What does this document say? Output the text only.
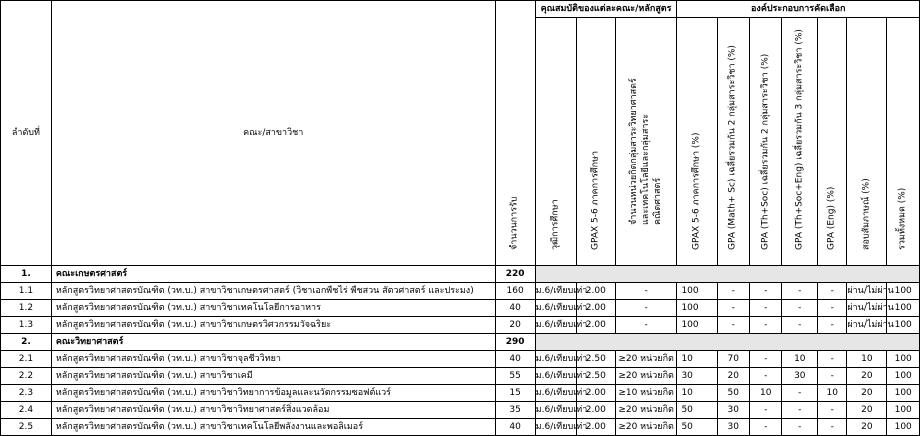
ลำดับที่	คณะ/สาขาวิชา	จำนวนการรับ	คุณสมบัติของแต่ละคณะ/หลักสูตร			องค์ประกอบการคัดเลือก						

			วุฒิการศึกษา	GPAX 5-6 ภาคการศึกษา	จำนวนหน่วยกิตกลุ่มสาระวิทยาศาสตร์และเทคโนโลยีและกลุ่มสาระคณิตศาสตร์	GPAX 5-6 ภาคการศึกษา (%)	GPA (Math+ Sc) เฉลี่ยรวมกัน 2 กลุ่มสาระวิชา (%)	GPA (Th+Soc) เฉลี่ยรวมกัน 2 กลุ่มสาระวิชา (%)	GPA (Th+Soc+Eng) เฉลี่ยรวมกัน 3 กลุ่มสาระวิชา (%)	GPA (Eng) (%)	สอบสัมภาษณ์ (%)	รวมทั้งหมด (%)

1.	คณะเกษตรศาสตร์	220										
1.1	หลักสูตรวิทยาศาสตรบัณฑิต (วท.บ.) สาขาวิชาเกษตรศาสตร์ (วิชาเอกพืชไร่ พืชสวน สัตวศาสตร์ และประมง)	160	ม.6/เทียบเท่า	2.00	-	100	-	-	-	-	ผ่าน/ไม่ผ่าน	100
1.2	หลักสูตรวิทยาศาสตรบัณฑิต (วท.บ.) สาขาวิชาเทคโนโลยีการอาหาร	40	ม.6/เทียบเท่า	2.00	-	100	-	-	-	-	ผ่าน/ไม่ผ่าน	100
1.3	หลักสูตรวิทยาศาสตรบัณฑิต (วท.บ.) สาขาวิชาเกษตรวิศวกรรมวัจฉริยะ	20	ม.6/เทียบเท่า	2.00	-	100	-	-	-	-	ผ่าน/ไม่ผ่าน	100
2.	คณะวิทยาศาสตร์	290										
2.1	หลักสูตรวิทยาศาสตรบัณฑิต (วท.บ.) สาขาวิชาจุลชีววิทยา	40	ม.6/เทียบเท่า	2.50	≥20 หน่วยกิต	10	70	-	10	-	10	100
2.2	หลักสูตรวิทยาศาสตรบัณฑิต (วท.บ.) สาขาวิชาเคมี	55	ม.6/เทียบเท่า	2.50	≥20 หน่วยกิต	30	20	-	30	-	20	100
2.3	หลักสูตรวิทยาศาสตรบัณฑิต (วท.บ.) สาขาวิชาวิทยาการข้อมูลและนวัตกรรมซอฟต์แวร์	15	ม.6/เทียบเท่า	2.00	≥10 หน่วยกิต	10	50	10	-	10	20	100
2.4	หลักสูตรวิทยาศาสตรบัณฑิต (วท.บ.) สาขาวิชาวิทยาศาสตร์สิ่งแวดล้อม	35	ม.6/เทียบเท่า	2.00	≥20 หน่วยกิต	50	30	-	-	-	20	100
2.5	หลักสูตรวิทยาศาสตรบัณฑิต (วท.บ.) สาขาวิชาเทคโนโลยีพลังงานและพอลิเมอร์	40	ม.6/เทียบเท่า	2.00	≥20 หน่วยกิต	50	30	-	-	-	20	100
